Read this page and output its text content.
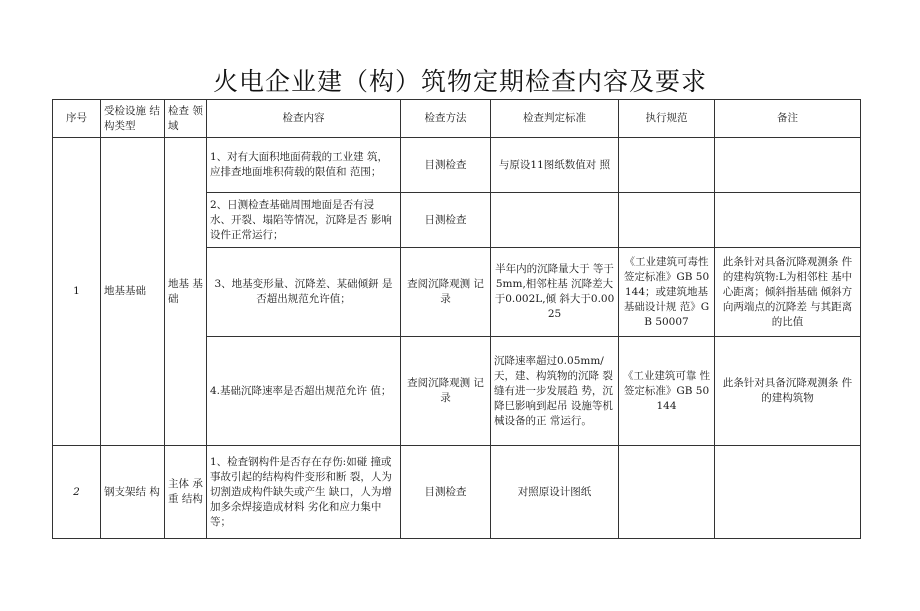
火电企业建（构）筑物定期检查内容及要求
序号	受检设施 结构类型	检查 领域	检查内容	检查方法	检查判定标准	执行规范	备注
1	地基基础	地基 基础	1、对有大面积地面荷载的工业建 筑，应排查地面堆积荷载的限值和 范围；	目测检查	与原设11图纸数值对 照		
			2、日测检查基础周围地面是否有浸 水、开裂、塌陷等情况，沉降是否 影响设件正常运行；	日测检查			
			3、地基变形量、沉降差、某础倾鈃 是否超出规范允许值；	查阅沉降观测 记录	半年内的沉降量大于 等于5mm,相邻柱基 沉降差大于0.002L,倾 斜大于0.0025	《工业建筑可毒性签定标准》GB 50144；或建筑地基基础设计规 范》GB 50007	此条针对具备沉降观测条 件的建构筑物:L为相邻柱 基中心距离；倾斜指基础 倾斜方向两端点的沉降差 与其距离的比值
			4.基础沉降速率是否超出规范允许 值；	查阅沉降观测 记录	沉降速率超过0.05mm/ 天，建、构筑物的沉降 裂缝有进一步发展趋 势，沉降巳影响到起吊 设施等机械设备的正 常运行。	《工业建筑可靠 性签定标准》GB 50144	此条针对具备沉降观测条 件的建构筑物
2	钢支架结 构	主体 承重 结构	1、检査钢构件是否存在存伤:如碰 撞或事故引起的结构构件变形和断 裂，人为切割造成构件缺失或产生 缺口，人为增加多余焊接造成材料 劣化和应力集中等；	目测检查	对照原设计图纸		
